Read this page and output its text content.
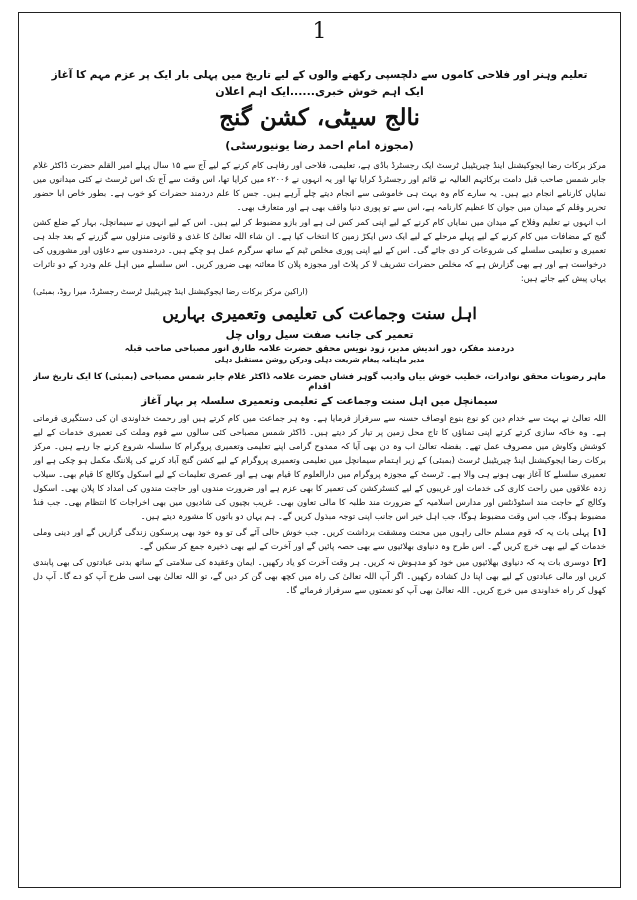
1
تعلیم وہنر اور فلاحی کاموں سے دلچسپی رکھنے والوں کے لیے تاریخ میں پہلی بار ایک پر عزم مہم کا آغاز
ایک اہم خوش خبری......ایک اہم اعلان
نالج سیٹی، کشن گنج
(مجوزہ امام احمد رضا یونیورسٹی)

مرکز برکات رضا ایجوکیشنل اینڈ چیریٹیبل ٹرسٹ ایک رجسٹرڈ باڈی ہے، تعلیمی، فلاحی اور رفاہی کام کرنے کے لیے آج سے ۱۵ سال پہلے امیر القلم حضرت ڈاکٹر غلام جابر شمس صاحب قبل دامت برکاتہم العالیہ نے قائم اور رجسٹرڈ کرایا تھا اور یہ انہوں نے ۲۰۰۶ء میں کرایا تھا، اس وقت سے آج تک اس ٹرسٹ نے کئی میدانوں میں نمایاں کارنامے انجام دیے ہیں۔ یہ سارے کام وہ بہت ہی خاموشی سے انجام دیتے چلے آرہے ہیں۔ جس کا علم دردمند حضرات کو خوب ہے۔ بطور خاص ابا حضور تحریر وقلم کے میدان میں جوان کا عظیم کارنامہ ہے، اس سے تو پوری دنیا واقف بھی ہے اور متعارف بھی۔

اب انہوں نے تعلیم وفلاح کے میدان میں نمایاں کام کرنے کے لیے اپنی کمر کس لی ہے اور بازو مضبوط کر لیے ہیں۔ اس کے لیے انہوں نے سیمانچل، بہار کے ضلع کشن گنج کے مضافات میں کام کرنے کے لیے پہلے مرحلے کے لیے ایک دس ایکڑ زمین کا انتخاب کیا ہے۔ ان شاء اللہ تعالیٰ کا غذی و قانونی منزلوں سے گزرنے کے بعد جلد ہی تعمیری و تعلیمی سلسلے کی شروعات کر دی جائے گی۔ اس کے لیے اپنی پوری مخلص ٹیم کے ساتھ سرگرم عمل ہو چکے ہیں۔ دردمندوں سے دعاؤں اور مشوروں کی درخواست ہے اور ہے بھی گزارش ہے کہ مخلص حضرات تشریف لا کر پلاٹ اور مجوزہ پلان کا معائنہ بھی ضرور کریں۔ اس سلسلے میں اہل علم ودرد کے دو تاثرات یہاں پیش کیے جاتے ہیں:

(اراکین مرکز برکات رضا ایجوکیشنل اینڈ چیریٹیبل ٹرسٹ رجسٹرڈ، میرا روڈ، بمبئی)
اہل سنت وجماعت کی تعلیمی وتعمیری بہاریں
تعمیر کی جانب صفت سیل رواں چل
دردمند مفکر، دور اندیش مدبر، زود نویس محقق حضرت علامہ طارق انور مصباحی صاحب قبلہ
مدیر ماہنامہ پیغام شریعت دہلی ودرکن روشن مستقبل دہلی
ماہر رضویات محقق نوادرات، خطیب خوش بیاں وادیب گوہر فشاں حضرت علامہ ڈاکٹر غلام جابر شمس مصباحی (بمبئی) کا ایک تاریخ ساز اقدام
سیمانچل میں اہل سنت وجماعت کے تعلیمی وتعمیری سلسلہ پر بہار آغاز

اللہ تعالیٰ نے بہت سے خدام دین کو نوع بنوع اوصاف حسنہ سے سرفراز فرمایا ہے۔ وہ ہر جماعت میں کام کرتے ہیں اور رحمت خداوندی ان کی دستگیری فرماتی ہے۔ وہ خاکہ سازی کرتے کرتے اپنی تمناؤں کا تاج محل زمین پر تیار کر دیتے ہیں۔ ڈاکٹر شمس مصباحی کئی سالوں سے قوم وملت کی تعمیری خدمات کے لیے کوشش وکاوش میں مصروف عمل تھے۔ بفضلہ تعالیٰ اب وہ دن بھی آیا کہ ممدوح گرامی اپنے تعلیمی وتعمیری پروگرام کا سلسلہ شروع کرنے جا رہے ہیں۔ مرکز برکات رضا ایجوکیشنل اینڈ چیریٹیبل ٹرسٹ (بمبئی) کے زیر اہتمام سیمانچل میں تعلیمی وتعمیری پروگرام کے لیے کشن گنج آباد کرنے کی پلاننگ مکمل ہو چکی ہے اور تعمیری سلسلے کا آغاز بھی ہونے ہی والا ہے۔ ٹرسٹ کے مجوزہ پروگرام میں دارالعلوم کا قیام بھی ہے اور عصری تعلیمات کے لیے اسکول وکالج کا قیام بھی۔ سیلاب زدہ علاقوں میں راحت کاری کی خدمات اور غریبوں کے لیے کنسٹرکشن کی تعمیر کا بھی عزم ہے اور ضرورت مندوں اور حاجت مندوں کی امداد کا پلان بھی۔ اسکول وکالج کے حاجت مند اسٹوڈنٹس اور مدارس اسلامیہ کے ضرورت مند طلبہ کا مالی تعاون بھی۔ غریب بچیوں کی شادیوں میں بھی اخراجات کا انتظام بھی۔ جب فنڈ مضبوط ہوگا، جب اس وقت مضبوط ہوگا، جب اہل خیر اس جانب اپنی توجہ مبذول کریں گے۔ ہم یہاں دو باتوں کا مشورہ دیتے ہیں۔

[۱]پہلی بات یہ کہ قوم مسلم حالی راہوں میں محنت ومشقت برداشت کریں۔ جب خوش حالی آئے گی تو وہ خود بھی پرسکون زندگی گزاریں گے اور دینی وملی خدمات کے لیے بھی خرچ کریں گے۔ اس طرح وہ دنیاوی بھلائیوں سے بھی حصہ پائیں گے اور آخرت کے لیے بھی ذخیرہ جمع کر سکیں گے۔
[۲]دوسری بات یہ کہ دنیاوی بھلائیوں میں خود کو مدہوش نہ کریں۔ ہر وقت آخرت کو یاد رکھیں۔ ایمان وعقیدہ کی سلامتی کے ساتھ بدنی عبادتوں کی بھی پابندی کریں اور مالی عبادتوں کے لیے بھی اپنا دل کشادہ رکھیں۔ اگر آپ اللہ تعالیٰ کی راہ میں کچھ بھی گن کر دیں گے، تو اللہ تعالیٰ بھی اسی طرح آپ کو دے گا۔ آپ دل کھول کر راہ خداوندی میں خرچ کریں۔ اللہ تعالیٰ بھی آپ کو نعمتوں سے سرفراز فرمائے گا۔
